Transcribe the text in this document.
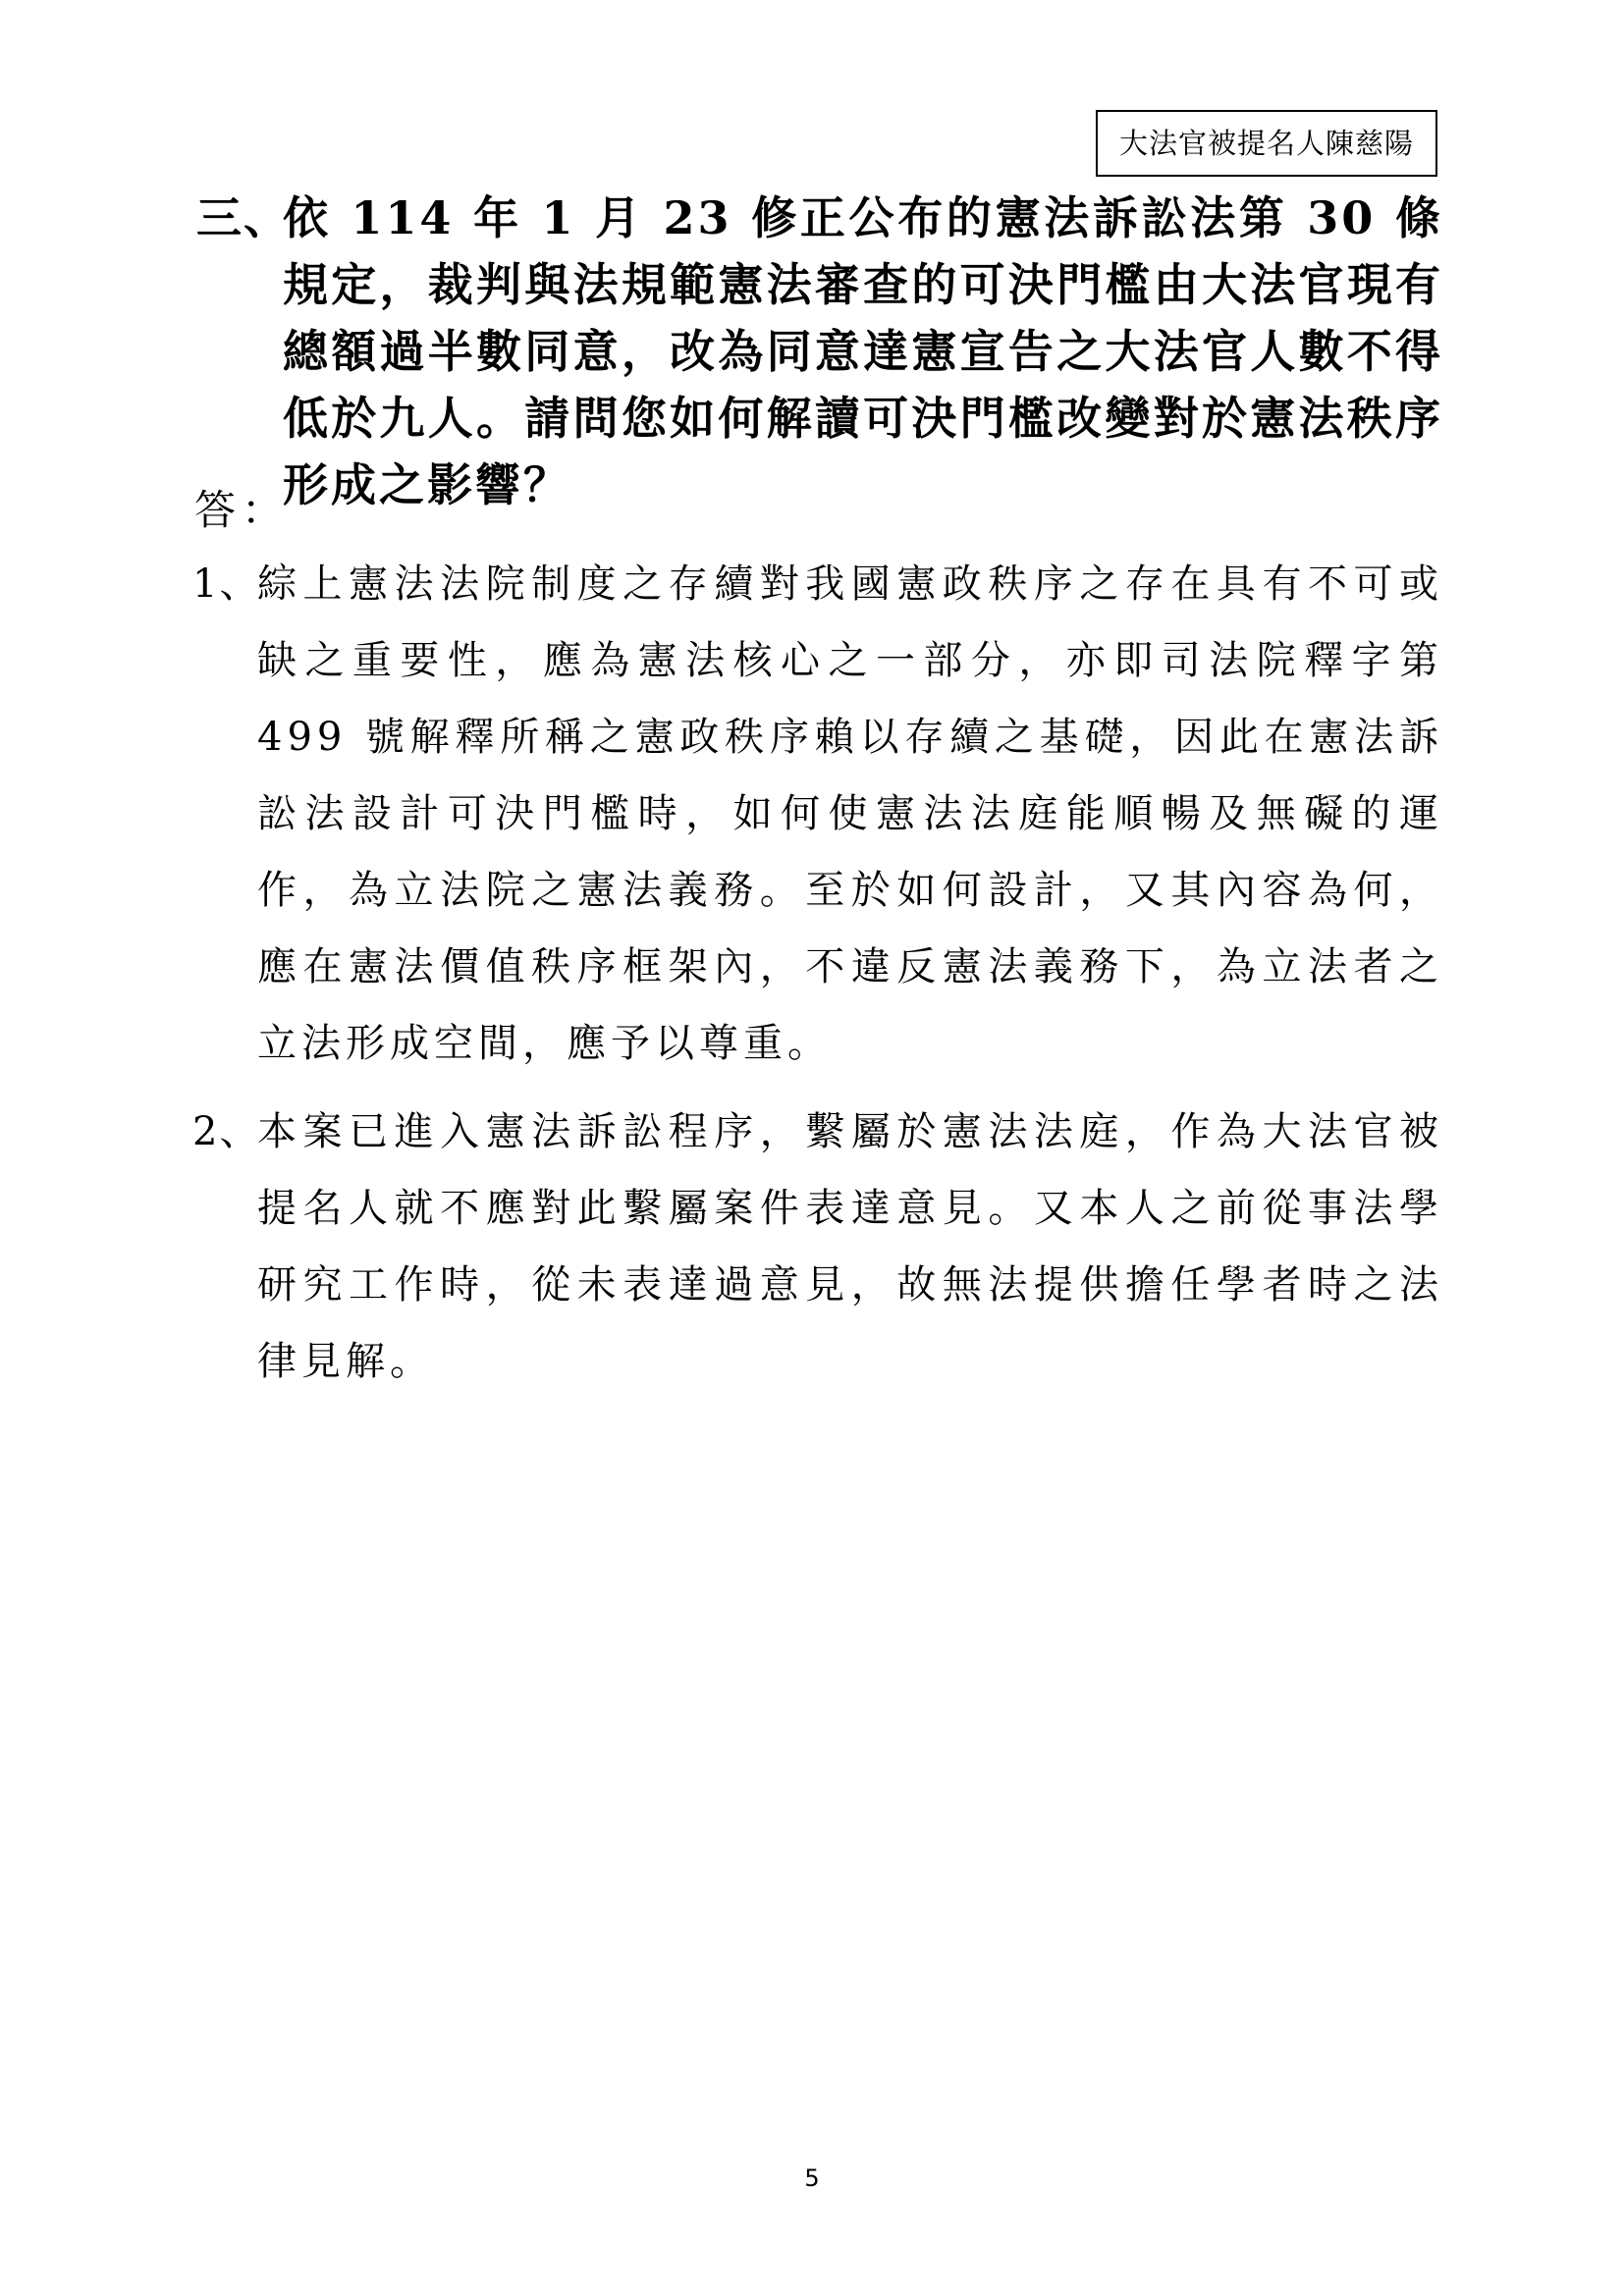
大法官被提名人陳慈陽
三、
依 114 年 1 月 23 修正公布的憲法訴訟法第 30 條規定，裁判與法規範憲法審查的可決門檻由大法官現有總額過半數同意，改為同意達憲宣告之大法官人數不得低於九人。請問您如何解讀可決門檻改變對於憲法秩序形成之影響？
答：
1、
綜上憲法法院制度之存續對我國憲政秩序之存在具有不可或缺之重要性，應為憲法核心之一部分，亦即司法院釋字第 499 號解釋所稱之憲政秩序賴以存續之基礎，因此在憲法訴訟法設計可決門檻時，如何使憲法法庭能順暢及無礙的運作，為立法院之憲法義務。至於如何設計，又其內容為何，應在憲法價值秩序框架內，不違反憲法義務下，為立法者之立法形成空間，應予以尊重。
2、
本案已進入憲法訴訟程序，繫屬於憲法法庭，作為大法官被提名人就不應對此繫屬案件表達意見。又本人之前從事法學研究工作時，從未表達過意見，故無法提供擔任學者時之法律見解。
5
